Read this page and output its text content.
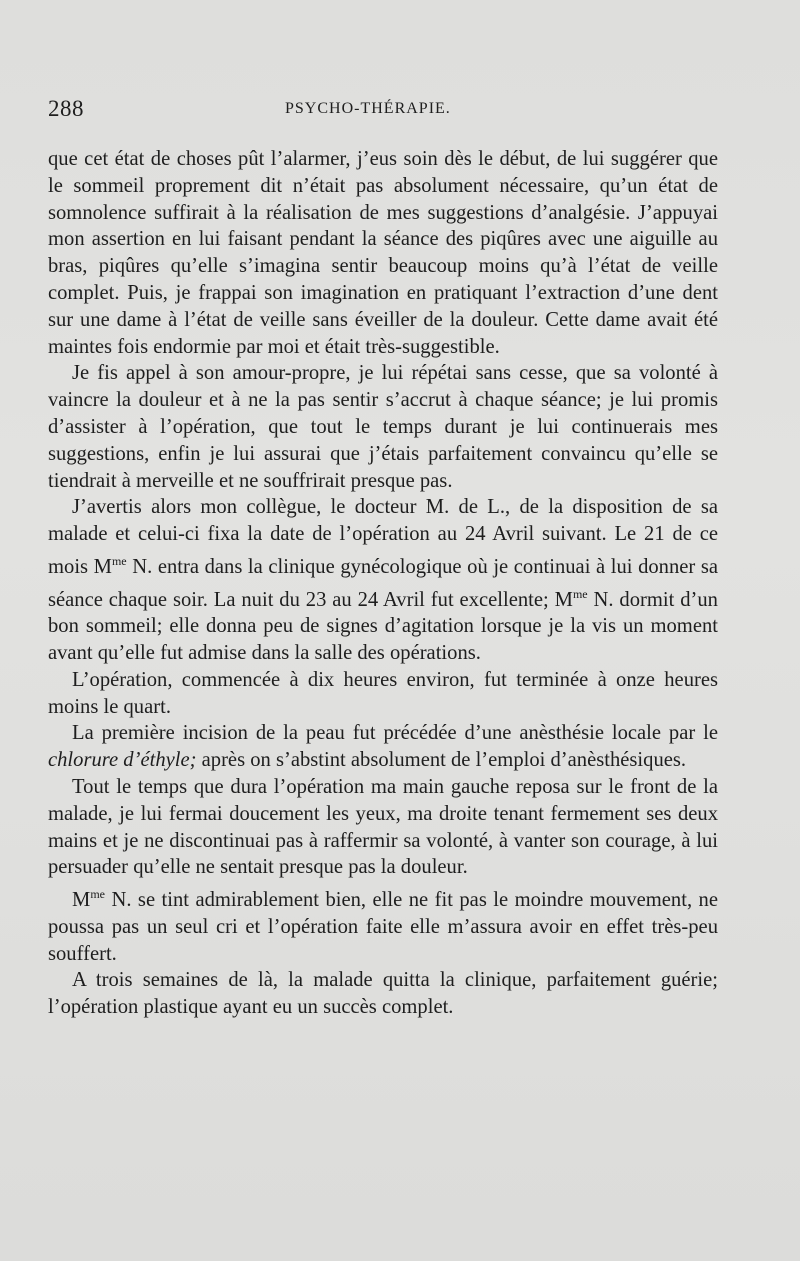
288	PSYCHO-THÉRAPIE.

que cet état de choses pût l’alarmer, j’eus soin dès le début, de lui suggérer que le sommeil proprement dit n’était pas absolument nécessaire, qu’un état de somnolence suffirait à la réalisation de mes suggestions d’analgésie. J’appuyai mon assertion en lui faisant pendant la séance des piqûres avec une aiguille au bras, piqûres qu’elle s’imagina sentir beaucoup moins qu’à l’état de veille complet. Puis, je frappai son imagination en pratiquant l’extraction d’une dent sur une dame à l’état de veille sans éveiller de la douleur. Cette dame avait été maintes fois endormie par moi et était très-suggestible.

Je fis appel à son amour-propre, je lui répétai sans cesse, que sa volonté à vaincre la douleur et à ne la pas sentir s’accrut à chaque séance; je lui promis d’assister à l’opération, que tout le temps durant je lui continuerais mes suggestions, enfin je lui assurai que j’étais parfaitement convaincu qu’elle se tiendrait à merveille et ne souffrirait presque pas.

J’avertis alors mon collègue, le docteur M. de L., de la disposition de sa malade et celui-ci fixa la date de l’opération au 24 Avril suivant. Le 21 de ce mois $M^{me}$ N. entra dans la clinique gynécologique où je continuai à lui donner sa séance chaque soir. La nuit du 23 au 24 Avril fut excellente; $M^{me}$ N. dormit d’un bon sommeil; elle donna peu de signes d’agitation lorsque je la vis un moment avant qu’elle fut admise dans la salle des opérations.

L’opération, commencée à dix heures environ, fut terminée à onze heures moins le quart.

La première incision de la peau fut précédée d’une anèsthésie locale par le chlorure d’éthyle; après on s’abstint absolument de l’emploi d’anèsthésiques.

Tout le temps que dura l’opération ma main gauche reposa sur le front de la malade, je lui fermai doucement les yeux, ma droite tenant fermement ses deux mains et je ne discontinuai pas à raffermir sa volonté, à vanter son courage, à lui persuader qu’elle ne sentait presque pas la douleur.

$M^{me}$ N. se tint admirablement bien, elle ne fit pas le moindre mouvement, ne poussa pas un seul cri et l’opération faite elle m’assura avoir en effet très-peu souffert.

A trois semaines de là, la malade quitta la clinique, parfaitement guérie; l’opération plastique ayant eu un succès complet.
